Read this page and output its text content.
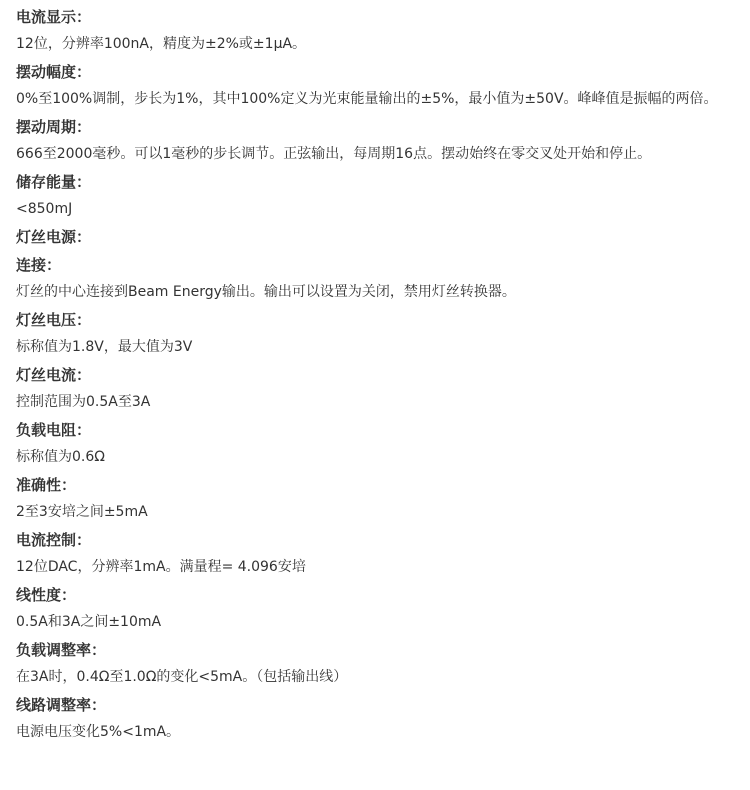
电流显示：
12位，分辨率100nA，精度为±2%或±1μA。
摆动幅度：
0%至100%调制，步长为1%，其中100%定义为光束能量输出的±5%，最小值为±50V。峰峰值是振幅的两倍。
摆动周期：
666至2000毫秒。可以1毫秒的步长调节。正弦输出，每周期16点。摆动始终在零交叉处开始和停止。
储存能量：
<850mJ
灯丝电源：
连接：
灯丝的中心连接到Beam Energy输出。输出可以设置为关闭，禁用灯丝转换器。
灯丝电压：
标称值为1.8V，最大值为3V
灯丝电流：
控制范围为0.5A至3A
负载电阻：
标称值为0.6Ω
准确性：
2至3安培之间±5mA
电流控制：
12位DAC，分辨率1mA。满量程= 4.096安培
线性度：
0.5A和3A之间±10mA
负载调整率：
在3A时，0.4Ω至1.0Ω的变化<5mA。（包括输出线）
线路调整率：
电源电压变化5%<1mA。
